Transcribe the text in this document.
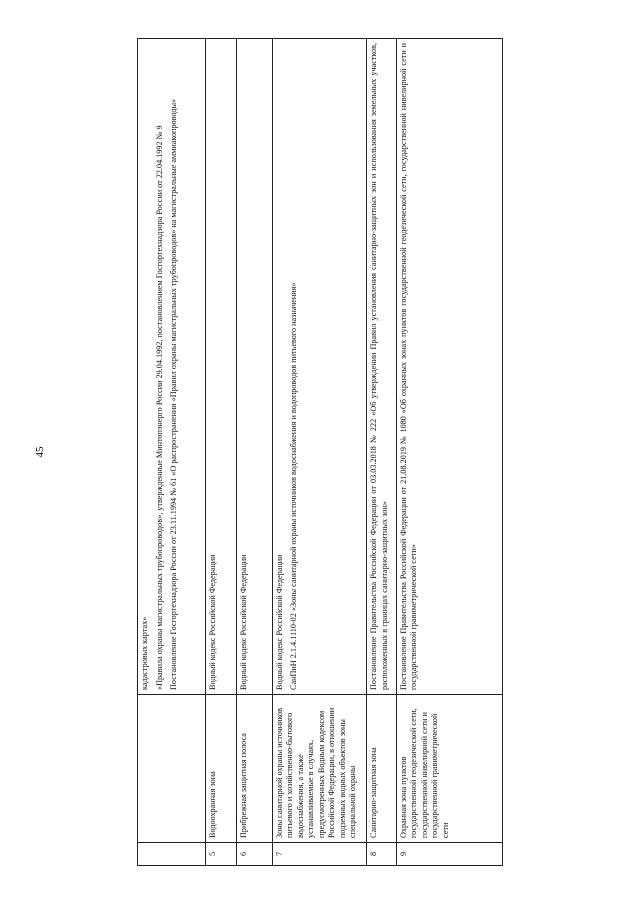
45

		кадастровых картах» «Правила охраны магистральных трубопроводов», утвержденные Минтопэнерго России 29.04.1992, постановлением Госгортехнадзора России от 22.04.1992 № 9 Постановление Госгортехнадзора России от 23.11.1994 № 61 «О распространении «Правил охраны магистральных трубопроводов» на магистральные аммиакопроводы»

5	Водоохранная зона	Водный кодекс Российской Федерации

6	Прибрежная защитная полоса	Водный кодекс Российской Федерации

7	Зоны санитарной охраны источников питьевого и хозяйственно-бытового водоснабжения, а также устанавливаемые в случаях, предусмотренных Водным кодексом Российской Федерации, в отношении подземных водных объектов зоны специальной охраны	Водный кодекс Российской Федерации СанПиН 2.1.4.1110-02 «Зоны санитарной охраны источников водоснабжения и водопроводов питьевого назначения»

8	Санитарно-защитная зона	Постановление Правительства Российской Федерации от 03.03.2018 № 222 «Об утверждении Правил установления санитарно-защитных зон и использования земельных участков, расположенных в границах санитарно-защитных зон»

9	Охранная зона пунктов государственной геодезической сети, государственной нивелирной сети и государственной гравиметрической сети	Постановление Правительства Российской Федерации от 21.08.2019 № 1080 «Об охранных зонах пунктов государственной геодезической сети, государственной нивелирной сети и государственной гравиметрической сети»
